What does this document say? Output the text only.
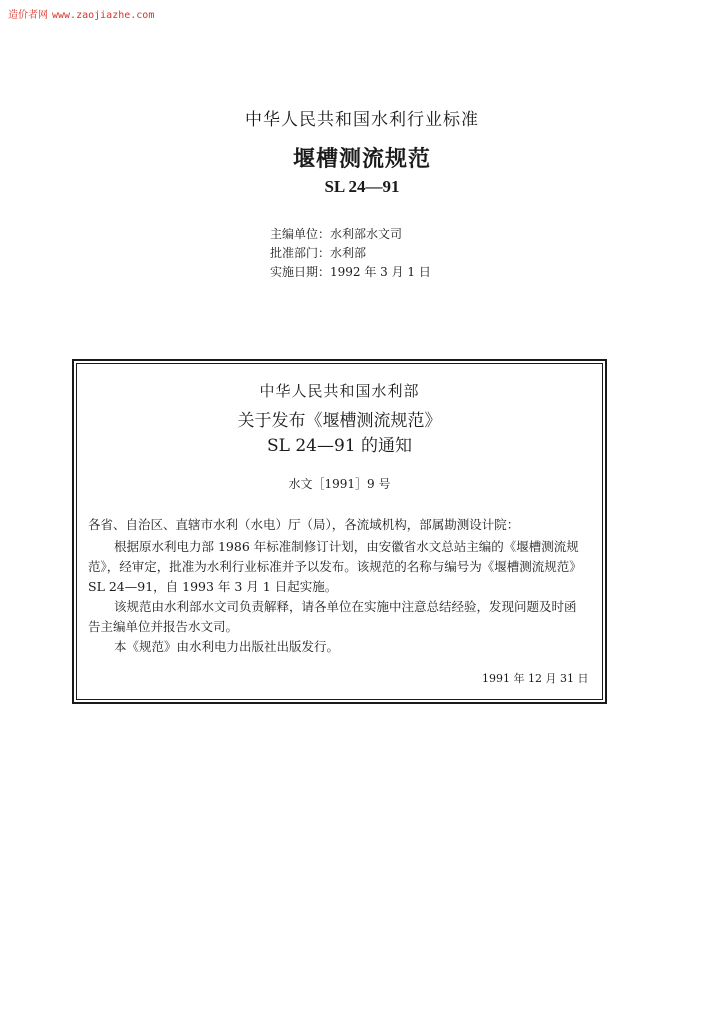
造价者网 www.zaojiazhe.com
中华人民共和国水利行业标准
堰槽测流规范
SL 24—91
主编单位：水利部水文司
批准部门：水利部
实施日期：1992 年 3 月 1 日
中华人民共和国水利部
关于发布《堰槽测流规范》
SL 24—91 的通知
水文［1991］9 号
各省、自治区、直辖市水利（水电）厅（局），各流域机构，部属勘测设计院：
根据原水利电力部 1986 年标准制修订计划，由安徽省水文总站主编的《堰槽测流规
范》，经审定，批准为水利行业标准并予以发布。该规范的名称与编号为《堰槽测流规范》
SL 24—91，自 1993 年 3 月 1 日起实施。
该规范由水利部水文司负责解释，请各单位在实施中注意总结经验，发现问题及时函
告主编单位并报告水文司。
本《规范》由水利电力出版社出版发行。
1991 年 12 月 31 日
